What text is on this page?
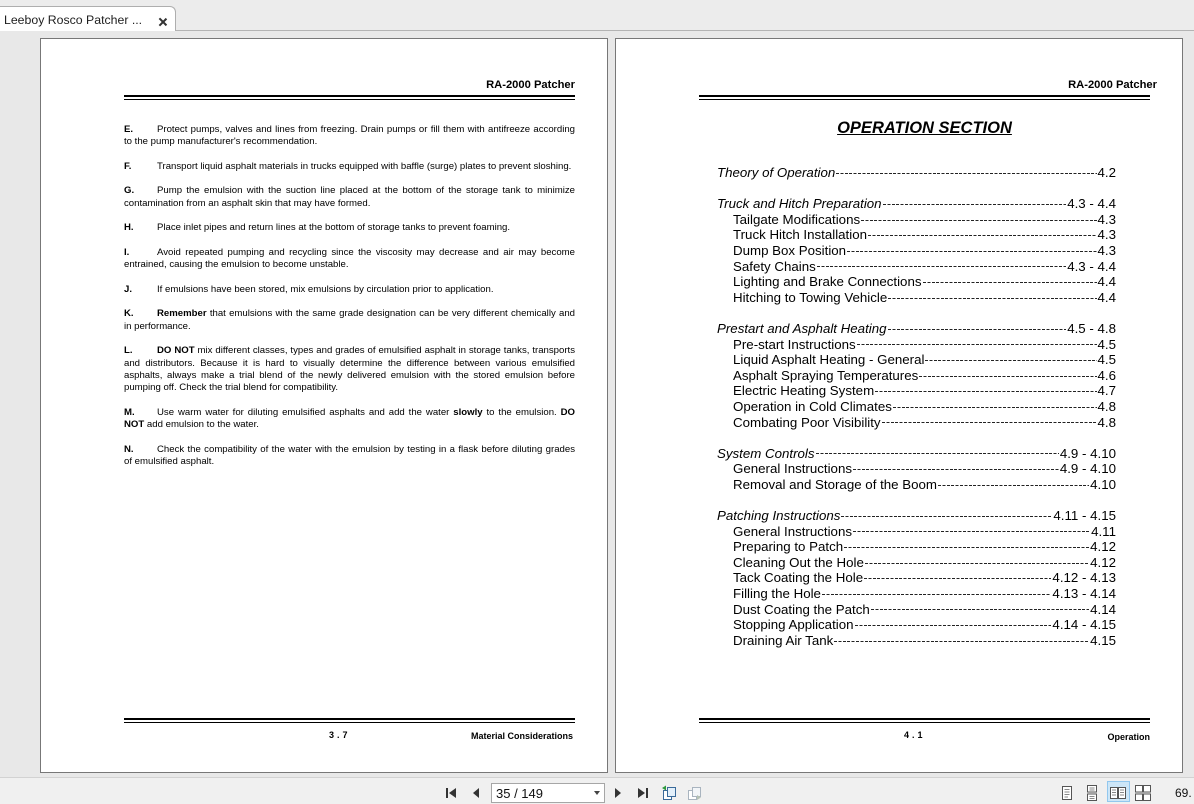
Leeboy Rosco Patcher ...
RA-2000 Patcher
E. Protect pumps, valves and lines from freezing. Drain pumps or fill them with antifreeze according to the pump manufacturer's recommendation.
F.	Transport liquid asphalt materials in trucks equipped with baffle (surge) plates to prevent sloshing.
G. Pump the emulsion with the suction line placed at the bottom of the storage tank to minimize contamination from an asphalt skin that may have formed.
H. Place inlet pipes and return lines at the bottom of storage tanks to prevent foaming.
I.	Avoid repeated pumping and recycling since the viscosity may decrease and air may become entrained, causing the emulsion to become unstable.
J.	If emulsions have been stored, mix emulsions by circulation prior to application.
K. Remember that emulsions with the same grade designation can be very different chemically and in performance.
L.	DO NOT mix different classes, types and grades of emulsified asphalt in storage tanks, transports and distributors. Because it is hard to visually determine the difference between various emulsified asphalts, always make a trial blend of the newly delivered emulsion with the stored emulsion before pumping off. Check the trial blend for compatibility.
M. Use warm water for diluting emulsified asphalts and add the water slowly to the emulsion. DO NOT add emulsion to the water.
N. Check the compatibility of the water with the emulsion by testing in a flask before diluting grades of emulsified asphalt.
3.7	Material Considerations
RA-2000 Patcher
OPERATION SECTION
Theory of Operation	4.2
Truck and Hitch Preparation	4.3 - 4.4
Tailgate Modifications	4.3
Truck Hitch Installation	4.3
Dump Box Position	4.3
Safety Chains	4.3 - 4.4
Lighting and Brake Connections	4.4
Hitching to Towing Vehicle	4.4
Prestart and Asphalt Heating	4.5 - 4.8
Pre-start Instructions	4.5
Liquid Asphalt Heating - General	4.5
Asphalt Spraying Temperatures	4.6
Electric Heating System	4.7
Operation in Cold Climates	4.8
Combating Poor Visibility	4.8
System Controls	4.9 - 4.10
General Instructions	4.9 - 4.10
Removal and Storage of the Boom	4.10
Patching Instructions	4.11 - 4.15
General Instructions	4.11
Preparing to Patch	4.12
Cleaning Out the Hole	4.12
Tack Coating the Hole	4.12 - 4.13
Filling the Hole	4.13 - 4.14
Dust Coating the Patch	4.14
Stopping Application	4.14 - 4.15
Draining Air Tank	4.15
4.1	Operation
35 / 149	69.
